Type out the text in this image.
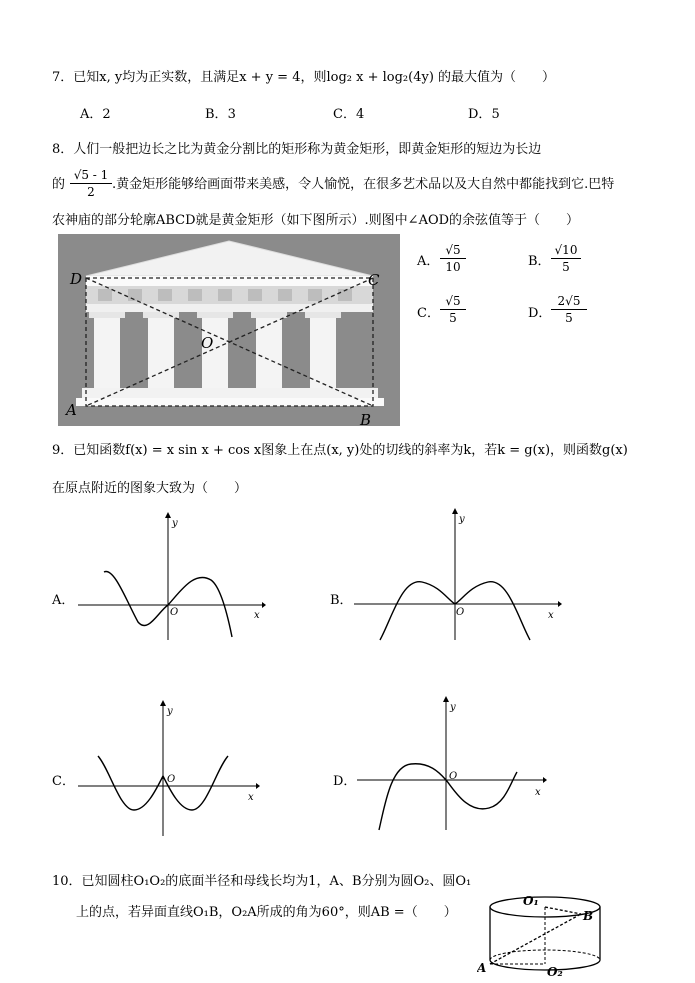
7．已知x, y均为正实数，且满足x + y = 4，则log₂ x + log₂(4y) 的最大值为（　　）
A．2	B．3	C．4	D．5
8．人们一般把边长之比为黄金分割比的矩形称为黄金矩形，即黄金矩形的短边为长边
的 $\frac{√5 - 1}{2}$ .黄金矩形能够给画面带来美感，令人愉悦，在很多艺术品以及大自然中都能找到它.巴特
农神庙的部分轮廓ABCD就是黄金矩形（如下图所示）.则图中∠AOD的余弦值等于（　　）
D	C
O
A
B
A． $\frac{√5}{10}$	B． $\frac{√10}{5}$
C． $\frac{√5}{5}$	D． $\frac{2√5}{5}$
9．已知函数f(x) = x sin x + cos x图象上在点(x, y)处的切线的斜率为k，若k = g(x)，则函数g(x)
在原点附近的图象大致为（　　）
A．
y
O	x
B．
y
O	x
C．
y
O
x
D．
y
O
x
10．已知圆柱O₁O₂的底面半径和母线长均为1，A、B分别为圆O₂、圆O₁
上的点，若异面直线O₁B，O₂A所成的角为60°，则AB =（　　）
O₁
B
A	O₂
